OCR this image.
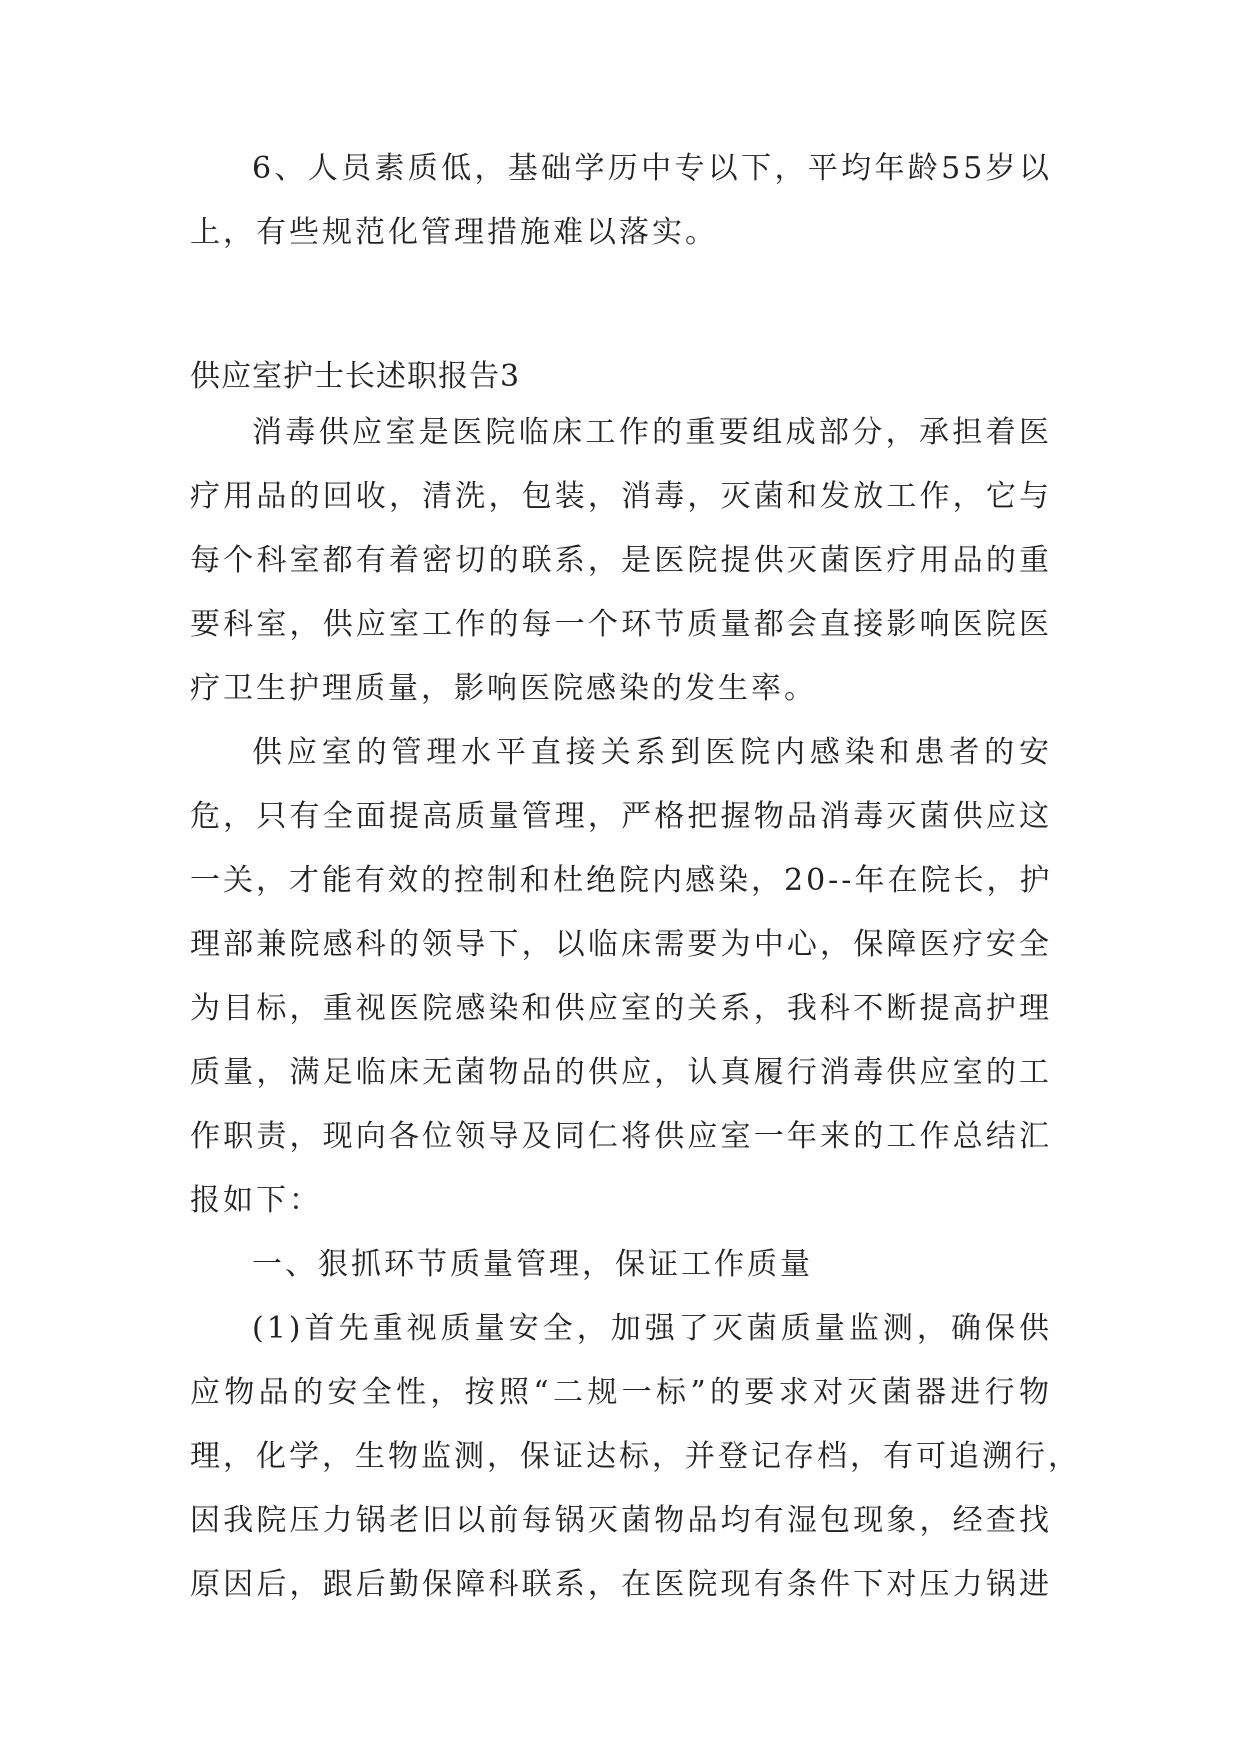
6、人员素质低，基础学历中专以下，平均年龄55岁以
上，有些规范化管理措施难以落实。
供应室护士长述职报告3
消毒供应室是医院临床工作的重要组成部分，承担着医
疗用品的回收，清洗，包装，消毒，灭菌和发放工作，它与
每个科室都有着密切的联系，是医院提供灭菌医疗用品的重
要科室，供应室工作的每一个环节质量都会直接影响医院医
疗卫生护理质量，影响医院感染的发生率。
供应室的管理水平直接关系到医院内感染和患者的安
危，只有全面提高质量管理，严格把握物品消毒灭菌供应这
一关，才能有效的控制和杜绝院内感染，20--年在院长，护
理部兼院感科的领导下，以临床需要为中心，保障医疗安全
为目标，重视医院感染和供应室的关系，我科不断提高护理
质量，满足临床无菌物品的供应，认真履行消毒供应室的工
作职责，现向各位领导及同仁将供应室一年来的工作总结汇
报如下：
一、狠抓环节质量管理，保证工作质量
(1)首先重视质量安全，加强了灭菌质量监测，确保供
应物品的安全性，按照“二规一标”的要求对灭菌器进行物
理，化学，生物监测，保证达标，并登记存档，有可追溯行，
因我院压力锅老旧以前每锅灭菌物品均有湿包现象，经查找
原因后，跟后勤保障科联系，在医院现有条件下对压力锅进
